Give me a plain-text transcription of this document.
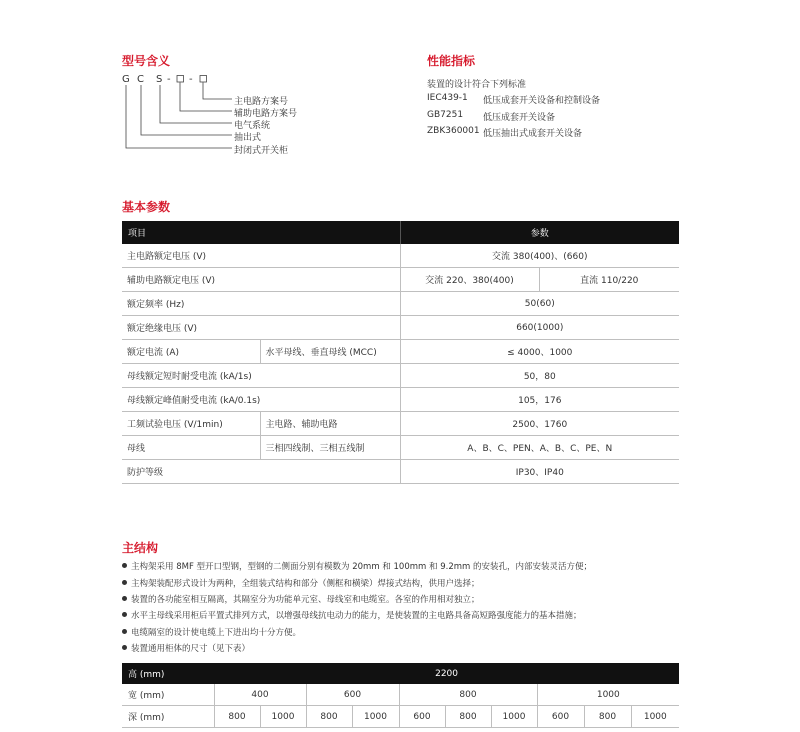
型号含义
G C S - -
主电路方案号
辅助电路方案号
电气系统
抽出式
封闭式开关柜
性能指标
装置的设计符合下列标准
IEC439-1 低压成套开关设备和控制设备
GB7251 低压成套开关设备
ZBK360001 低压抽出式成套开关设备
基本参数
项目		参数	
主电路额定电压 (V)		交流 380(400)、(660)	
辅助电路额定电压 (V)		交流 220、380(400)	直流 110/220
额定频率 (Hz)		50(60)	
额定绝缘电压 (V)		660(1000)	
额定电流 (A)	水平母线、垂直母线 (MCC)	≤ 4000、1000	
母线额定短时耐受电流 (kA/1s)		50，80	
母线额定峰值耐受电流 (kA/0.1s)		105，176	
工频试验电压 (V/1min)	主电路、辅助电路	2500、1760	
母线	三相四线制、三相五线制	A、B、C、PEN、A、B、C、PE、N	
防护等级		IP30、IP40	
主结构
主构架采用 8MF 型开口型钢，型钢的二侧面分别有模数为 20mm 和 100mm 和 9.2mm 的安装孔，内部安装灵活方便；
主构架装配形式设计为两种，全组装式结构和部分（侧框和横梁）焊接式结构，供用户选择；
装置的各功能室相互隔离，其隔室分为功能单元室、母线室和电缆室。各室的作用相对独立；
水平主母线采用柜后平置式排列方式，以增强母线抗电动力的能力，是使装置的主电路具备高短路强度能力的基本措施；
电缆隔室的设计使电缆上下进出均十分方便。
装置通用柜体的尺寸（见下表）
高 (mm)	2200									
宽 (mm)	400		600		800			1000		
深 (mm)	800	1000	800	1000	600	800	1000	600	800	1000
